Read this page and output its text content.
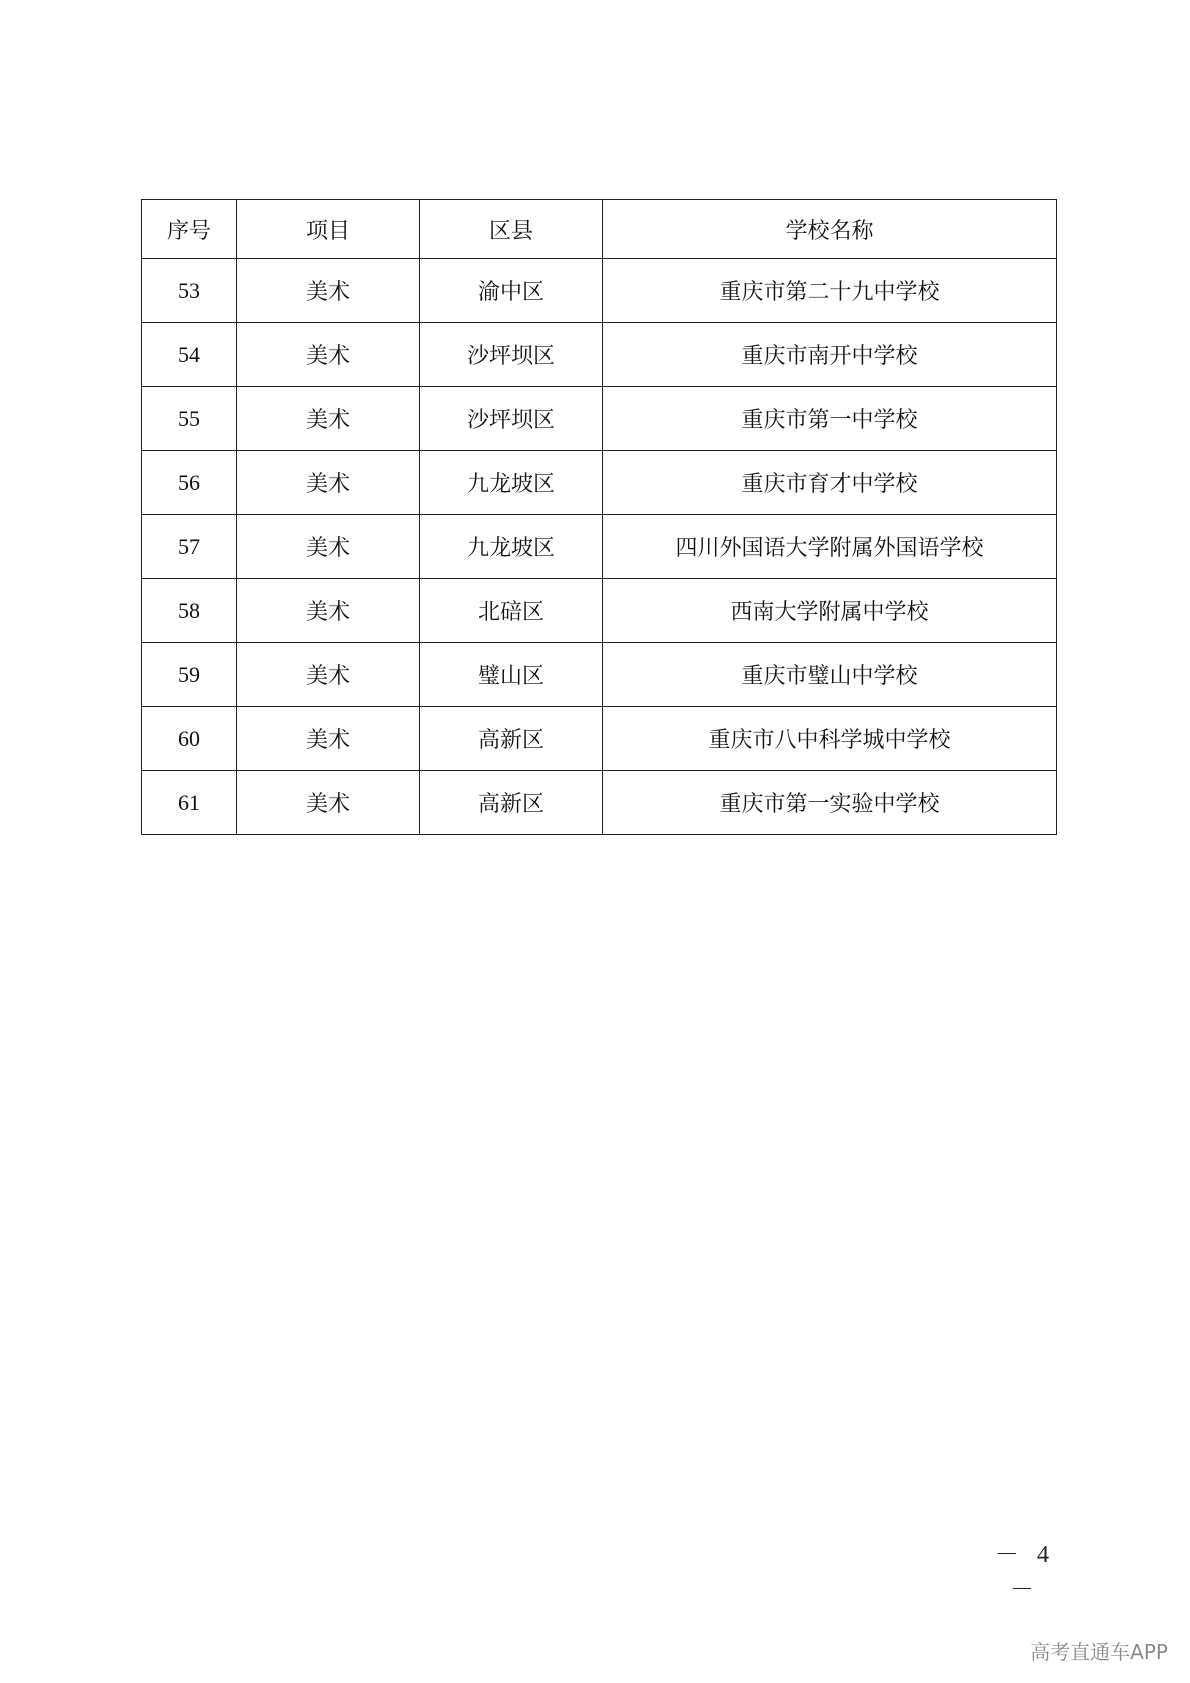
序号	项目	区县	学校名称
53	美术	渝中区	重庆市第二十九中学校
54	美术	沙坪坝区	重庆市南开中学校
55	美术	沙坪坝区	重庆市第一中学校
56	美术	九龙坡区	重庆市育才中学校
57	美术	九龙坡区	四川外国语大学附属外国语学校
58	美术	北碚区	西南大学附属中学校
59	美术	璧山区	重庆市璧山中学校
60	美术	高新区	重庆市八中科学城中学校
61	美术	高新区	重庆市第一实验中学校
－ 4 －
高考直通车APP
